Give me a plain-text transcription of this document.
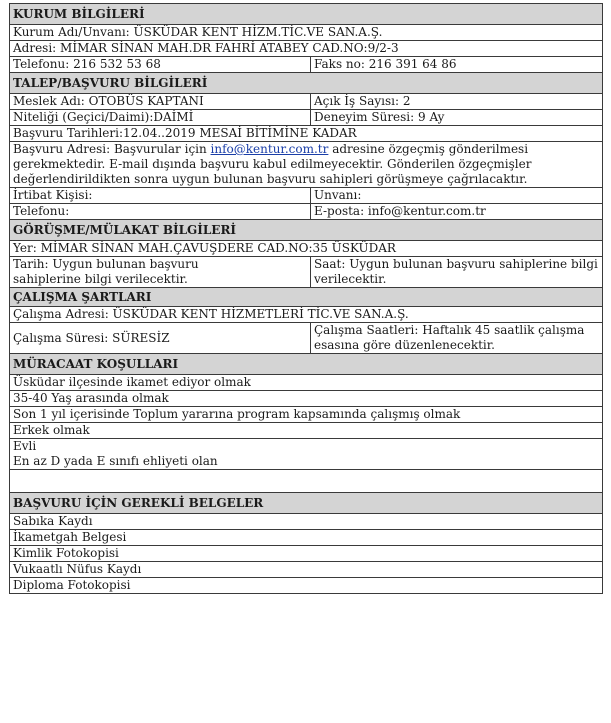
KURUM BİLGİLERİ	
Kurum Adı/Unvanı: ÜSKÜDAR KENT HİZM.TİC.VE SAN.A.Ş.	
Adresi: MİMAR SİNAN MAH.DR FAHRİ ATABEY CAD.NO:9/2-3	
Telefonu: 216 532 53 68	Faks no: 216 391 64 86
TALEP/BAŞVURU BİLGİLERİ	
Meslek Adı: OTOBÜS KAPTANI	Açık İş Sayısı: 2
Niteliği (Geçici/Daimi):DAİMİ	Deneyim Süresi: 9 Ay
Başvuru Tarihleri:12.04..2019 MESAİ BİTİMİNE KADAR	
Başvuru Adresi: Başvurular için info@kentur.com.tr adresine özgeçmiş gönderilmesi gerekmektedir. E-mail dışında başvuru kabul edilmeyecektir. Gönderilen özgeçmişler değerlendirildikten sonra uygun bulunan başvuru sahipleri görüşmeye çağrılacaktır.	
İrtibat Kişisi:	Unvanı:
Telefonu:	E-posta: info@kentur.com.tr
GÖRÜŞME/MÜLAKAT BİLGİLERİ	
Yer: MİMAR SİNAN MAH.ÇAVUŞDERE CAD.NO:35 ÜSKÜDAR	
Tarih: Uygun bulunan başvuru sahiplerine bilgi verilecektir.	Saat: Uygun bulunan başvuru sahiplerine bilgi verilecektir.
ÇALIŞMA ŞARTLARI	
Çalışma Adresi: ÜSKÜDAR KENT HİZMETLERİ TİC.VE SAN.A.Ş.	
Çalışma Süresi: SÜRESİZ	Çalışma Saatleri: Haftalık 45 saatlik çalışma esasına göre düzenlenecektir.
MÜRACAAT KOŞULLARI	
Üsküdar ilçesinde ikamet ediyor olmak	
35-40 Yaş arasında olmak	
Son 1 yıl içerisinde Toplum yararına program kapsamında çalışmış olmak	
Erkek olmak	
Evli	
En az D yada E sınıfı ehliyeti olan	

BAŞVURU İÇİN GEREKLİ BELGELER	
Sabıka Kaydı	
İkametgah Belgesi	
Kimlik Fotokopisi	
Vukaatlı Nüfus Kaydı	
Diploma Fotokopisi	
